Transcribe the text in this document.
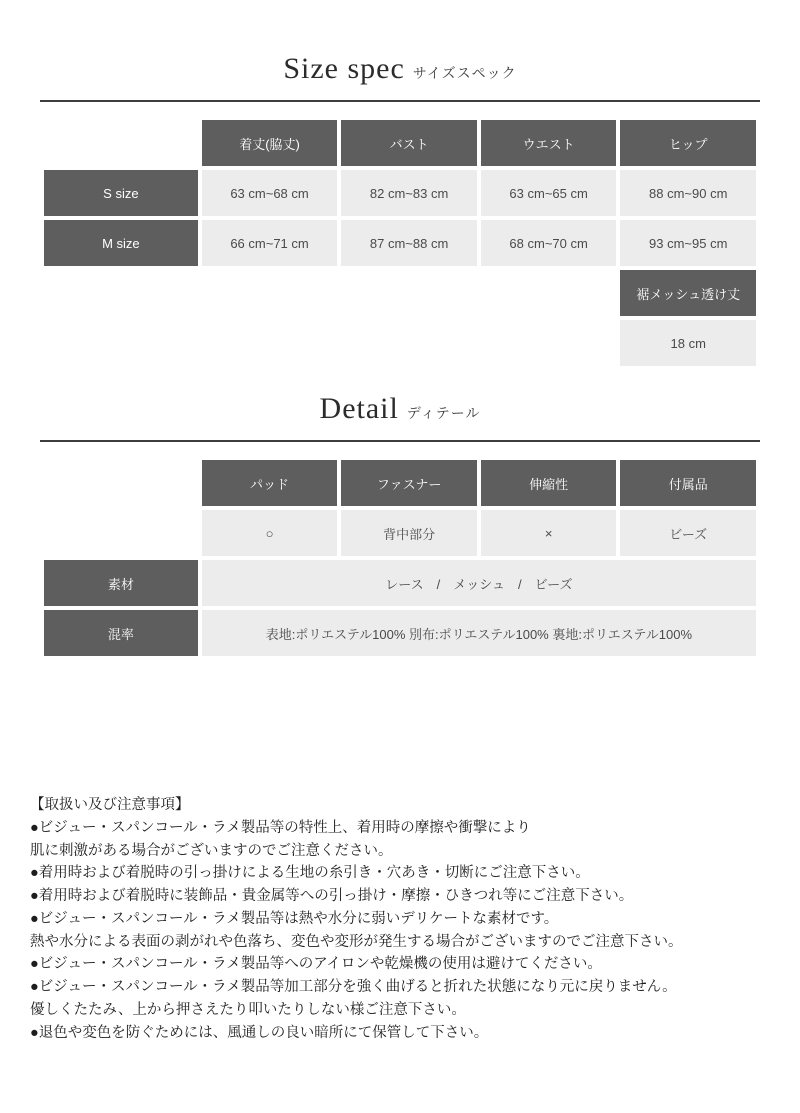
Size spec サイズスペック
	着丈(脇丈)	バスト	ウエスト	ヒップ
S size	63 cm~68 cm	82 cm~83 cm	63 cm~65 cm	88 cm~90 cm
M size	66 cm~71 cm	87 cm~88 cm	68 cm~70 cm	93 cm~95 cm
				裾メッシュ透け丈
				18 cm
Detail ディテール
	パッド	ファスナー	伸縮性	付属品
	○	背中部分	×	ビーズ
素材	レース　/　メッシュ　/　ビーズ			
混率	表地:ポリエステル100% 別布:ポリエステル100% 裏地:ポリエステル100%			
【取扱い及び注意事項】
●ビジュー・スパンコール・ラメ製品等の特性上、着用時の摩擦や衝撃により
肌に刺激がある場合がございますのでご注意ください。
●着用時および着脱時の引っ掛けによる生地の糸引き・穴あき・切断にご注意下さい。
●着用時および着脱時に装飾品・貴金属等への引っ掛け・摩擦・ひきつれ等にご注意下さい。
●ビジュー・スパンコール・ラメ製品等は熱や水分に弱いデリケートな素材です。
熱や水分による表面の剥がれや色落ち、変色や変形が発生する場合がございますのでご注意下さい。
●ビジュー・スパンコール・ラメ製品等へのアイロンや乾燥機の使用は避けてください。
●ビジュー・スパンコール・ラメ製品等加工部分を強く曲げると折れた状態になり元に戻りません。
優しくたたみ、上から押さえたり叩いたりしない様ご注意下さい。
●退色や変色を防ぐためには、風通しの良い暗所にて保管して下さい。
